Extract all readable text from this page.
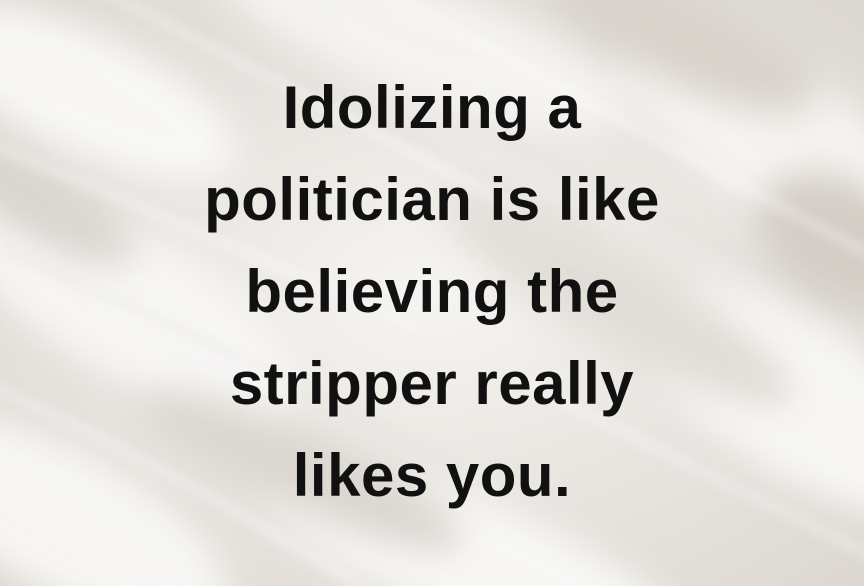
Idolizing a
politician is like
believing the
stripper really
likes you.
